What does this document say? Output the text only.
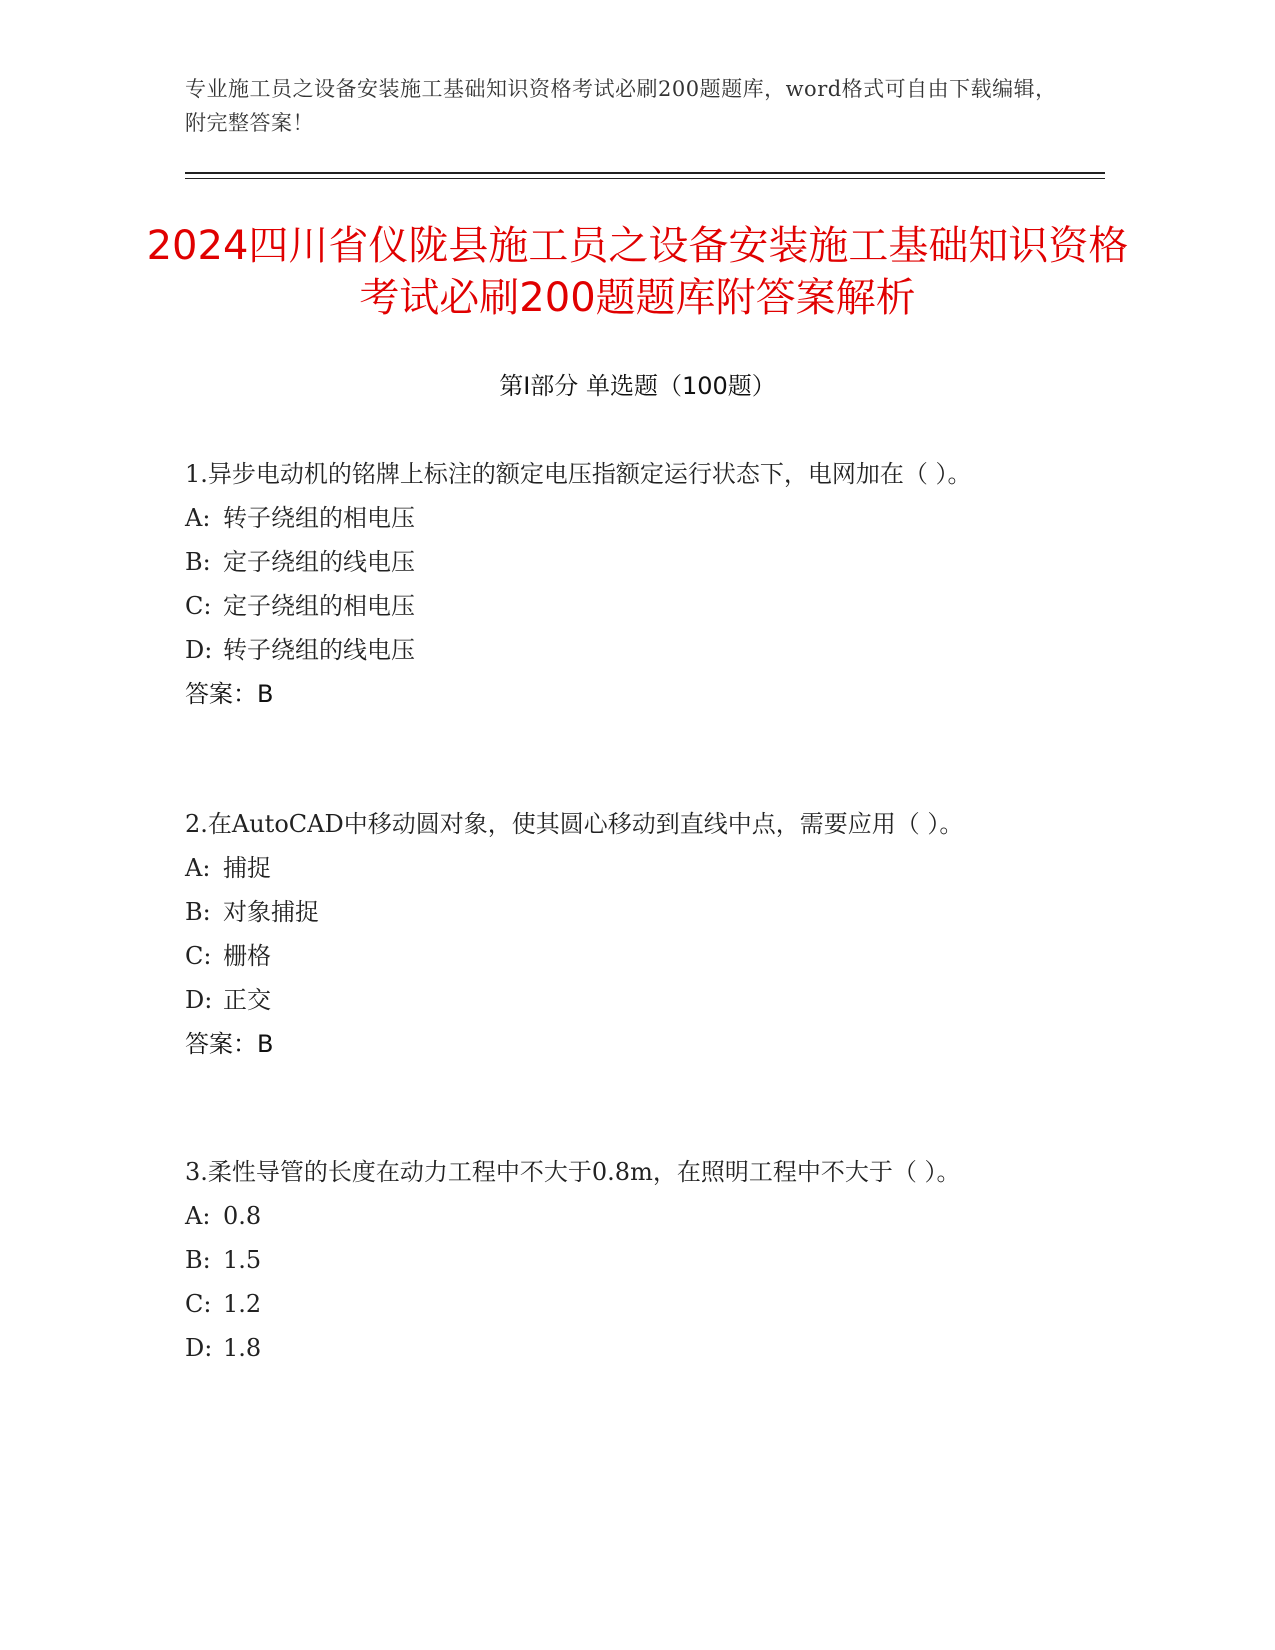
专业施工员之设备安装施工基础知识资格考试必刷200题题库，word格式可自由下载编辑，附完整答案！
2024四川省仪陇县施工员之设备安装施工基础知识资格考试必刷200题题库附答案解析
第Ⅰ部分 单选题（100题）

1.异步电动机的铭牌上标注的额定电压指额定运行状态下，电网加在（ ）。

A: 转子绕组的相电压
B: 定子绕组的线电压
C: 定子绕组的相电压
D: 转子绕组的线电压
答案：B

2.在AutoCAD中移动圆对象，使其圆心移动到直线中点，需要应用（ ）。

A: 捕捉
B: 对象捕捉
C: 栅格
D: 正交
答案：B

3.柔性导管的长度在动力工程中不大于0.8m，在照明工程中不大于（ ）。

A: 0.8
B: 1.5
C: 1.2
D: 1.8
